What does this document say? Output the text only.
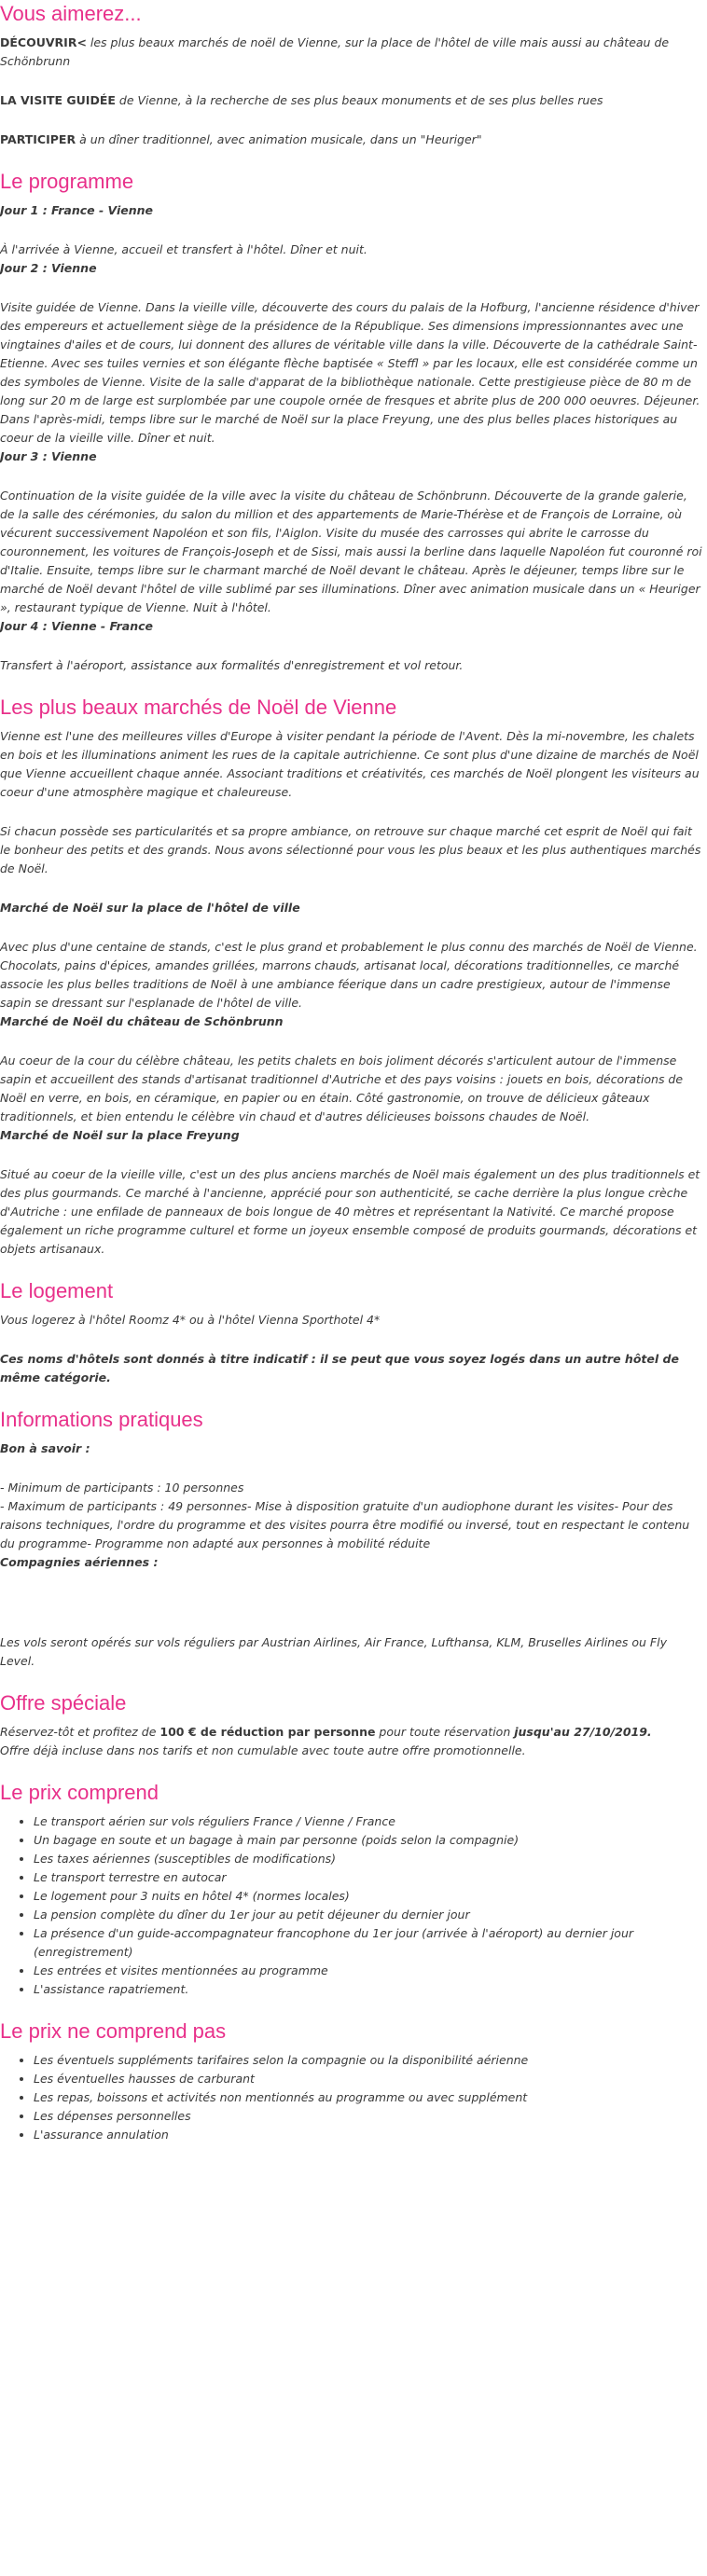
Vous aimerez...

DÉCOUVRIR< les plus beaux marchés de noël de Vienne, sur la place de l'hôtel de ville mais aussi au château de Schönbrunn

LA VISITE GUIDÉE de Vienne, à la recherche de ses plus beaux monuments et de ses plus belles rues

PARTICIPER à un dîner traditionnel, avec animation musicale, dans un "Heuriger"

Le programme
Jour 1 : France - Vienne

À l'arrivée à Vienne, accueil et transfert à l'hôtel. Dîner et nuit.

Jour 2 : Vienne

Visite guidée de Vienne. Dans la vieille ville, découverte des cours du palais de la Hofburg, l'ancienne résidence d'hiver des empereurs et actuellement siège de la présidence de la République. Ses dimensions impressionnantes avec une vingtaines d'ailes et de cours, lui donnent des allures de véritable ville dans la ville. Découverte de la cathédrale Saint-Etienne. Avec ses tuiles vernies et son élégante flèche baptisée « Steffl » par les locaux, elle est considérée comme un des symboles de Vienne. Visite de la salle d'apparat de la bibliothèque nationale. Cette prestigieuse pièce de 80 m de long sur 20 m de large est surplombée par une coupole ornée de fresques et abrite plus de 200 000 oeuvres. Déjeuner. Dans l'après-midi, temps libre sur le marché de Noël sur la place Freyung, une des plus belles places historiques au coeur de la vieille ville. Dîner et nuit.

Jour 3 : Vienne

Continuation de la visite guidée de la ville avec la visite du château de Schönbrunn. Découverte de la grande galerie, de la salle des cérémonies, du salon du million et des appartements de Marie-Thérèse et de François de Lorraine, où vécurent successivement Napoléon et son fils, l'Aiglon. Visite du musée des carrosses qui abrite le carrosse du couronnement, les voitures de François-Joseph et de Sissi, mais aussi la berline dans laquelle Napoléon fut couronné roi d'Italie. Ensuite, temps libre sur le charmant marché de Noël devant le château. Après le déjeuner, temps libre sur le marché de Noël devant l'hôtel de ville sublimé par ses illuminations. Dîner avec animation musicale dans un « Heuriger », restaurant typique de Vienne. Nuit à l'hôtel.

Jour 4 : Vienne - France

Transfert à l'aéroport, assistance aux formalités d'enregistrement et vol retour.

Les plus beaux marchés de Noël de Vienne

Vienne est l'une des meilleures villes d'Europe à visiter pendant la période de l'Avent. Dès la mi-novembre, les chalets en bois et les illuminations animent les rues de la capitale autrichienne. Ce sont plus d'une dizaine de marchés de Noël que Vienne accueillent chaque année. Associant traditions et créativités, ces marchés de Noël plongent les visiteurs au coeur d'une atmosphère magique et chaleureuse.

Si chacun possède ses particularités et sa propre ambiance, on retrouve sur chaque marché cet esprit de Noël qui fait le bonheur des petits et des grands. Nous avons sélectionné pour vous les plus beaux et les plus authentiques marchés de Noël.

Marché de Noël sur la place de l'hôtel de ville

Avec plus d'une centaine de stands, c'est le plus grand et probablement le plus connu des marchés de Noël de Vienne. Chocolats, pains d'épices, amandes grillées, marrons chauds, artisanat local, décorations traditionnelles, ce marché associe les plus belles traditions de Noël à une ambiance féerique dans un cadre prestigieux, autour de l'immense sapin se dressant sur l'esplanade de l'hôtel de ville.

Marché de Noël du château de Schönbrunn

Au coeur de la cour du célèbre château, les petits chalets en bois joliment décorés s'articulent autour de l'immense sapin et accueillent des stands d'artisanat traditionnel d'Autriche et des pays voisins : jouets en bois, décorations de Noël en verre, en bois, en céramique, en papier ou en étain. Côté gastronomie, on trouve de délicieux gâteaux traditionnels, et bien entendu le célèbre vin chaud et d'autres délicieuses boissons chaudes de Noël.

Marché de Noël sur la place Freyung

Situé au coeur de la vieille ville, c'est un des plus anciens marchés de Noël mais également un des plus traditionnels et des plus gourmands. Ce marché à l'ancienne, apprécié pour son authenticité, se cache derrière la plus longue crèche d'Autriche : une enfilade de panneaux de bois longue de 40 mètres et représentant la Nativité. Ce marché propose également un riche programme culturel et forme un joyeux ensemble composé de produits gourmands, décorations et objets artisanaux.

Le logement

Vous logerez à l'hôtel Roomz 4* ou à l'hôtel Vienna Sporthotel 4*

Ces noms d'hôtels sont donnés à titre indicatif : il se peut que vous soyez logés dans un autre hôtel de même catégorie.

Informations pratiques
Bon à savoir :

- Minimum de participants : 10 personnes

- Maximum de participants : 49 personnes- Mise à disposition gratuite d'un audiophone durant les visites- Pour des raisons techniques, l'ordre du programme et des visites pourra être modifié ou inversé, tout en respectant le contenu du programme- Programme non adapté aux personnes à mobilité réduite

Compagnies aériennes :

Les vols seront opérés sur vols réguliers par Austrian Airlines, Air France, Lufthansa, KLM, Bruselles Airlines ou Fly Level.

Offre spéciale

Réservez-tôt et profitez de 100 € de réduction par personne pour toute réservation jusqu'au 27/10/2019.

Offre déjà incluse dans nos tarifs et non cumulable avec toute autre offre promotionnelle.

Le prix comprend
• Le transport aérien sur vols réguliers France / Vienne / France
• Un bagage en soute et un bagage à main par personne (poids selon la compagnie)
• Les taxes aériennes (susceptibles de modifications)
• Le transport terrestre en autocar
• Le logement pour 3 nuits en hôtel 4* (normes locales)
• La pension complète du dîner du 1er jour au petit déjeuner du dernier jour
• La présence d'un guide-accompagnateur francophone du 1er jour (arrivée à l'aéroport) au dernier jour (enregistrement)
• Les entrées et visites mentionnées au programme
• L'assistance rapatriement.
Le prix ne comprend pas
• Les éventuels suppléments tarifaires selon la compagnie ou la disponibilité aérienne
• Les éventuelles hausses de carburant
• Les repas, boissons et activités non mentionnés au programme ou avec supplément
• Les dépenses personnelles
• L'assurance annulation
